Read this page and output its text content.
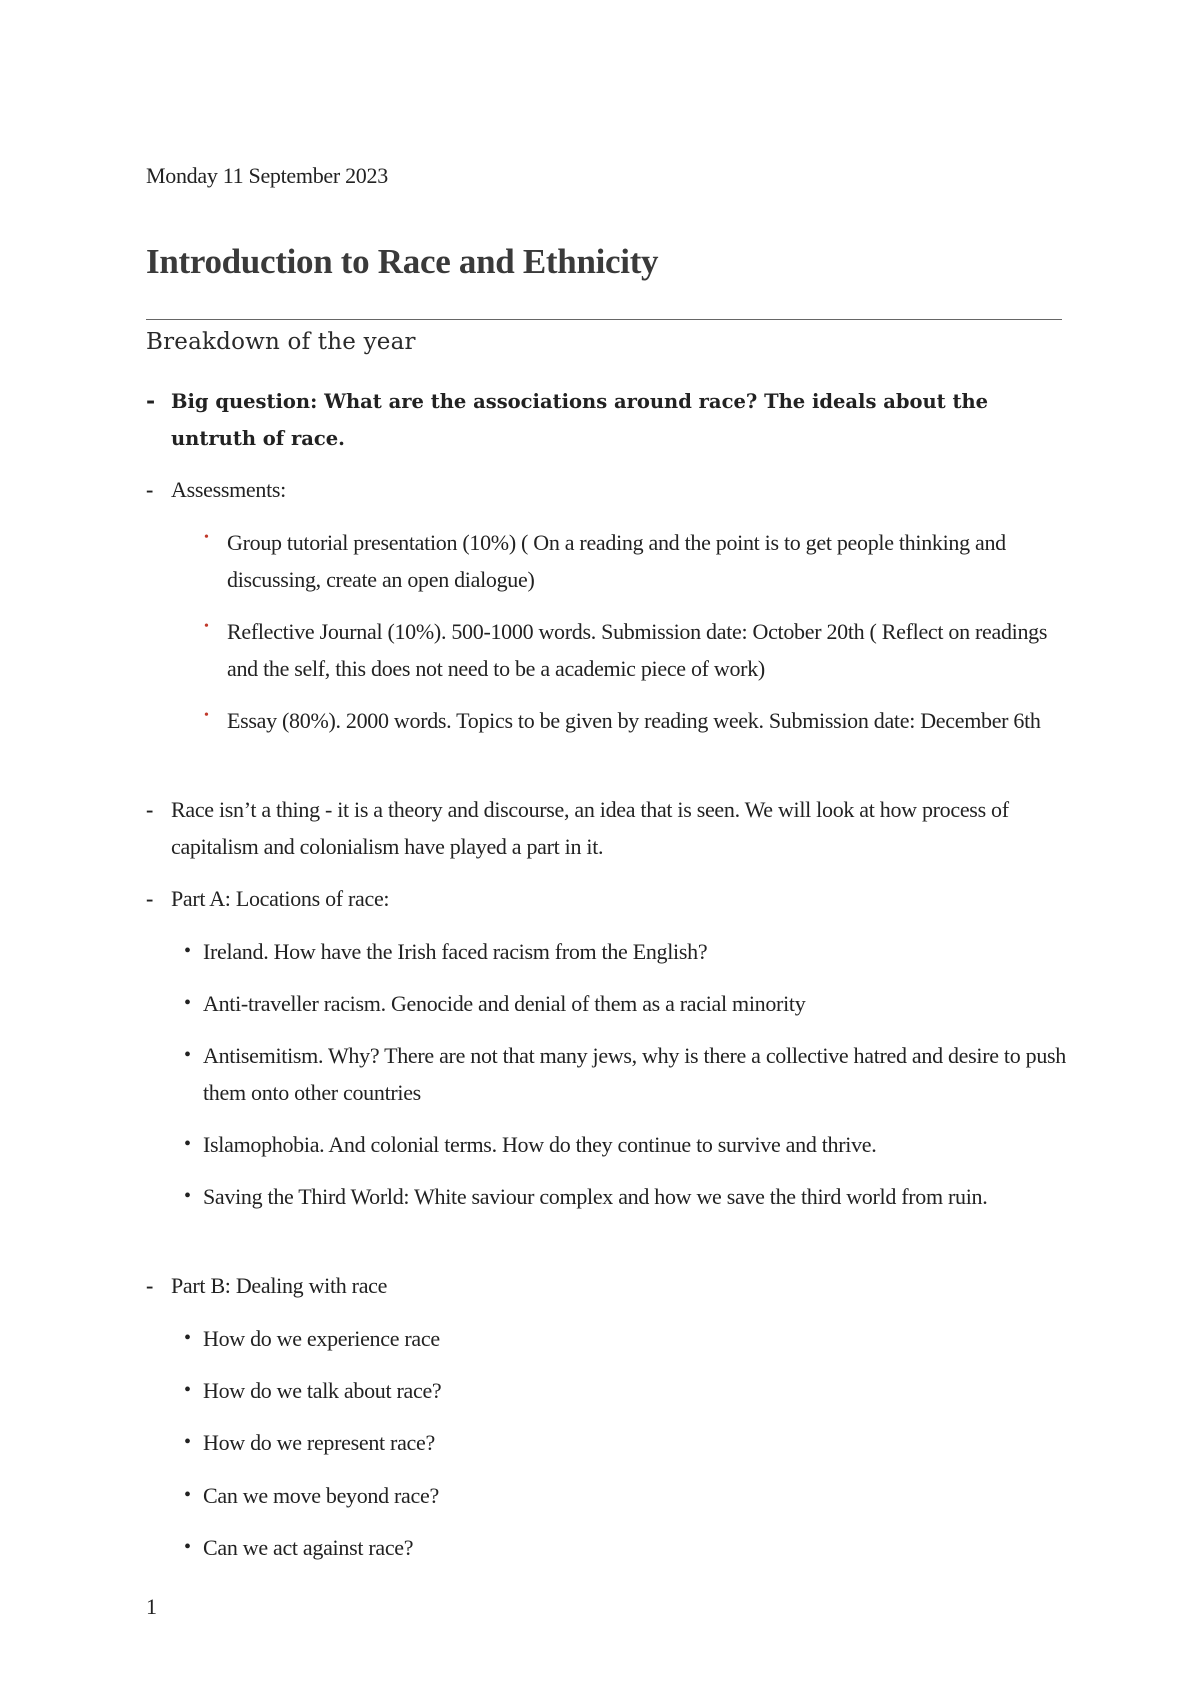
Monday 11 September 2023
Introduction to Race and Ethnicity
Breakdown of the year
- Big question: What are the associations around race? The ideals about the untruth of race.
- Assessments:
• Group tutorial presentation (10%) ( On a reading and the point is to get people thinking and discussing, create an open dialogue)
• Reflective Journal (10%). 500-1000 words. Submission date: October 20th ( Reflect on readings and the self, this does not need to be a academic piece of work)
• Essay (80%). 2000 words. Topics to be given by reading week. Submission date: December 6th
- Race isn’t a thing - it is a theory and discourse, an idea that is seen. We will look at how process of capitalism and colonialism have played a part in it.
- Part A: Locations of race:
• Ireland. How have the Irish faced racism from the English?
• Anti-traveller racism. Genocide and denial of them as a racial minority
• Antisemitism. Why? There are not that many jews, why is there a collective hatred and desire to push them onto other countries
• Islamophobia. And colonial terms. How do they continue to survive and thrive.
• Saving the Third World: White saviour complex and how we save the third world from ruin.
- Part B: Dealing with race
• How do we experience race
• How do we talk about race?
• How do we represent race?
• Can we move beyond race?
• Can we act against race?
1
